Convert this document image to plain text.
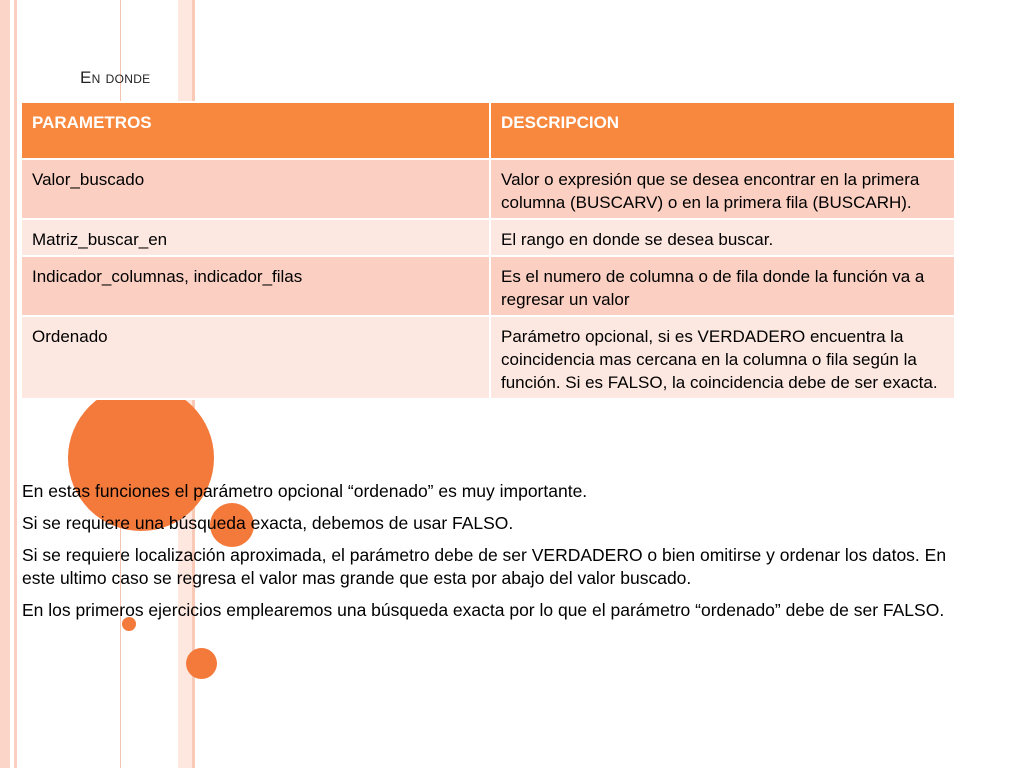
En donde
PARAMETROS	DESCRIPCION
Valor_buscado	Valor o expresión que se desea encontrar en la primera columna (BUSCARV) o en la primera fila (BUSCARH).
Matriz_buscar_en	El rango en donde se desea buscar.
Indicador_columnas, indicador_filas	Es el numero de columna o de fila donde la función va a regresar un valor
Ordenado	Parámetro opcional, si es VERDADERO encuentra la coincidencia mas cercana en la columna o fila según la función. Si es FALSO, la coincidencia debe de ser exacta.

En estas funciones el parámetro opcional “ordenado” es muy importante.

Si se requiere una búsqueda exacta, debemos de usar FALSO.

Si se requiere localización aproximada, el parámetro debe de ser VERDADERO o bien omitirse y ordenar los datos. En este ultimo caso se regresa el valor mas grande que esta por abajo del valor buscado.

En los primeros ejercicios emplearemos una búsqueda exacta por lo que el parámetro “ordenado” debe de ser FALSO.
